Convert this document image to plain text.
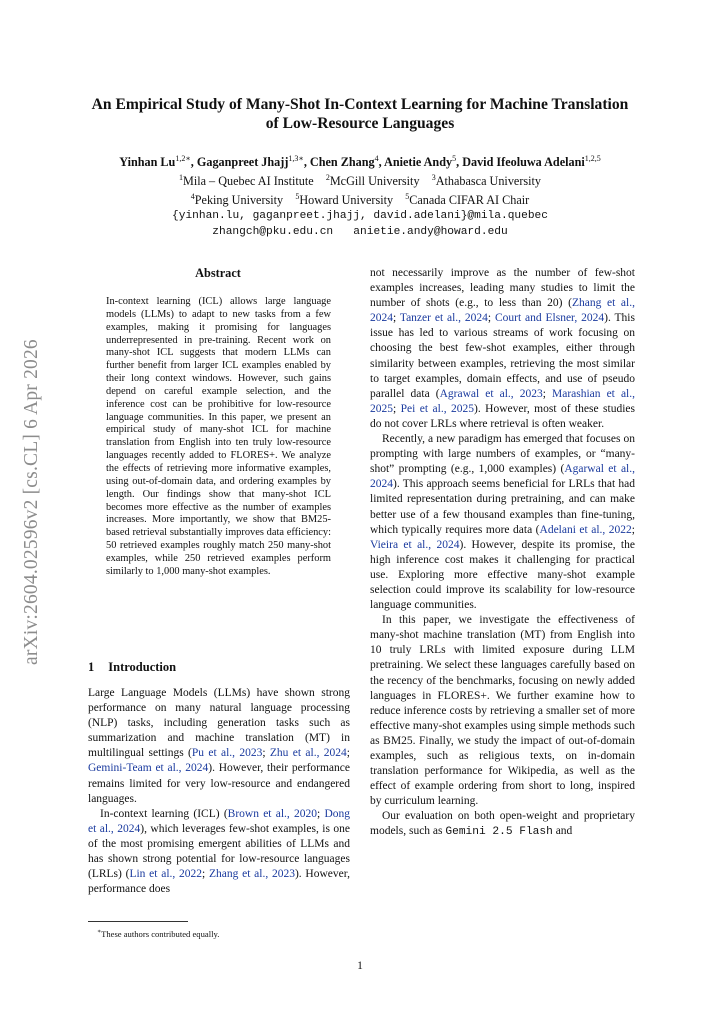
arXiv:2604.02596v2 [cs.CL] 6 Apr 2026
An Empirical Study of Many-Shot In-Context Learning for Machine Translation of Low-Resource Languages
Yinhan $Lu^{1,2∗}$, Gaganpreet Jhajj$^{1,3∗}$, Chen Zhang$^4$, Anietie Andy$^5$, David Ifeoluwa Adelani$^{1,2,5}$
$^1$Mila – Quebec AI Institute $^2$McGill University $^3$Athabasca University
$^4$Peking University $^5$Howard University $^5$Canada CIFAR AI Chair
{yinhan.lu, gaganpreet.jhajj, david.adelani}@mila.quebec
zhangch@pku.edu.cn anietie.andy@howard.edu
Abstract

In-context learning (ICL) allows large language models (LLMs) to adapt to new tasks from a few examples, making it promising for languages underrepresented in pre-training. Recent work on many-shot ICL suggests that modern LLMs can further benefit from larger ICL examples enabled by their long context windows. However, such gains depend on careful example selection, and the inference cost can be prohibitive for low-resource language communities. In this paper, we present an empirical study of many-shot ICL for machine translation from English into ten truly low-resource languages recently added to FLORES+. We analyze the effects of retrieving more informative examples, using out-of-domain data, and ordering examples by length. Our findings show that many-shot ICL becomes more effective as the number of examples increases. More importantly, we show that BM25-based retrieval substantially improves data efficiency: 50 retrieved examples roughly match 250 many-shot examples, while 250 retrieved examples perform similarly to 1,000 many-shot examples.

1 Introduction

Large Language Models (LLMs) have shown strong performance on many natural language processing (NLP) tasks, including generation tasks such as summarization and machine translation (MT) in multilingual settings (Pu et al., 2023; Zhu et al., 2024; Gemini-Team et al., 2024). However, their performance remains limited for very low-resource and endangered languages.

In-context learning (ICL) (Brown et al., 2020; Dong et al., 2024), which leverages few-shot examples, is one of the most promising emergent abilities of LLMs and has shown strong potential for low-resource languages (LRLs) (Lin et al., 2022; Zhang et al., 2023). However, performance does

not necessarily improve as the number of few-shot examples increases, leading many studies to limit the number of shots (e.g., to less than 20) (Zhang et al., 2024; Tanzer et al., 2024; Court and Elsner, 2024). This issue has led to various streams of work focusing on choosing the best few-shot examples, either through similarity between examples, retrieving the most similar to target examples, domain effects, and use of pseudo parallel data (Agrawal et al., 2023; Marashian et al., 2025; Pei et al., 2025). However, most of these studies do not cover LRLs where retrieval is often weaker.

Recently, a new paradigm has emerged that focuses on prompting with large numbers of examples, or “many-shot” prompting (e.g., 1,000 examples) (Agarwal et al., 2024). This approach seems beneficial for LRLs that had limited representation during pretraining, and can make better use of a few thousand examples than fine-tuning, which typically requires more data (Adelani et al., 2022; Vieira et al., 2024). However, despite its promise, the high inference cost makes it challenging for practical use. Exploring more effective many-shot example selection could improve its scalability for low-resource language communities.

In this paper, we investigate the effectiveness of many-shot machine translation (MT) from English into 10 truly LRLs with limited exposure during LLM pretraining. We select these languages carefully based on the recency of the benchmarks, focusing on newly added languages in FLORES+. We further examine how to reduce inference costs by retrieving a smaller set of more effective many-shot examples using simple methods such as BM25. Finally, we study the impact of out-of-domain examples, such as religious texts, on in-domain translation performance for Wikipedia, as well as the effect of example ordering from short to long, inspired by curriculum learning.

Our evaluation on both open-weight and proprietary models, such as Gemini 2.5 Flash and

∗These authors contributed equally.
1
